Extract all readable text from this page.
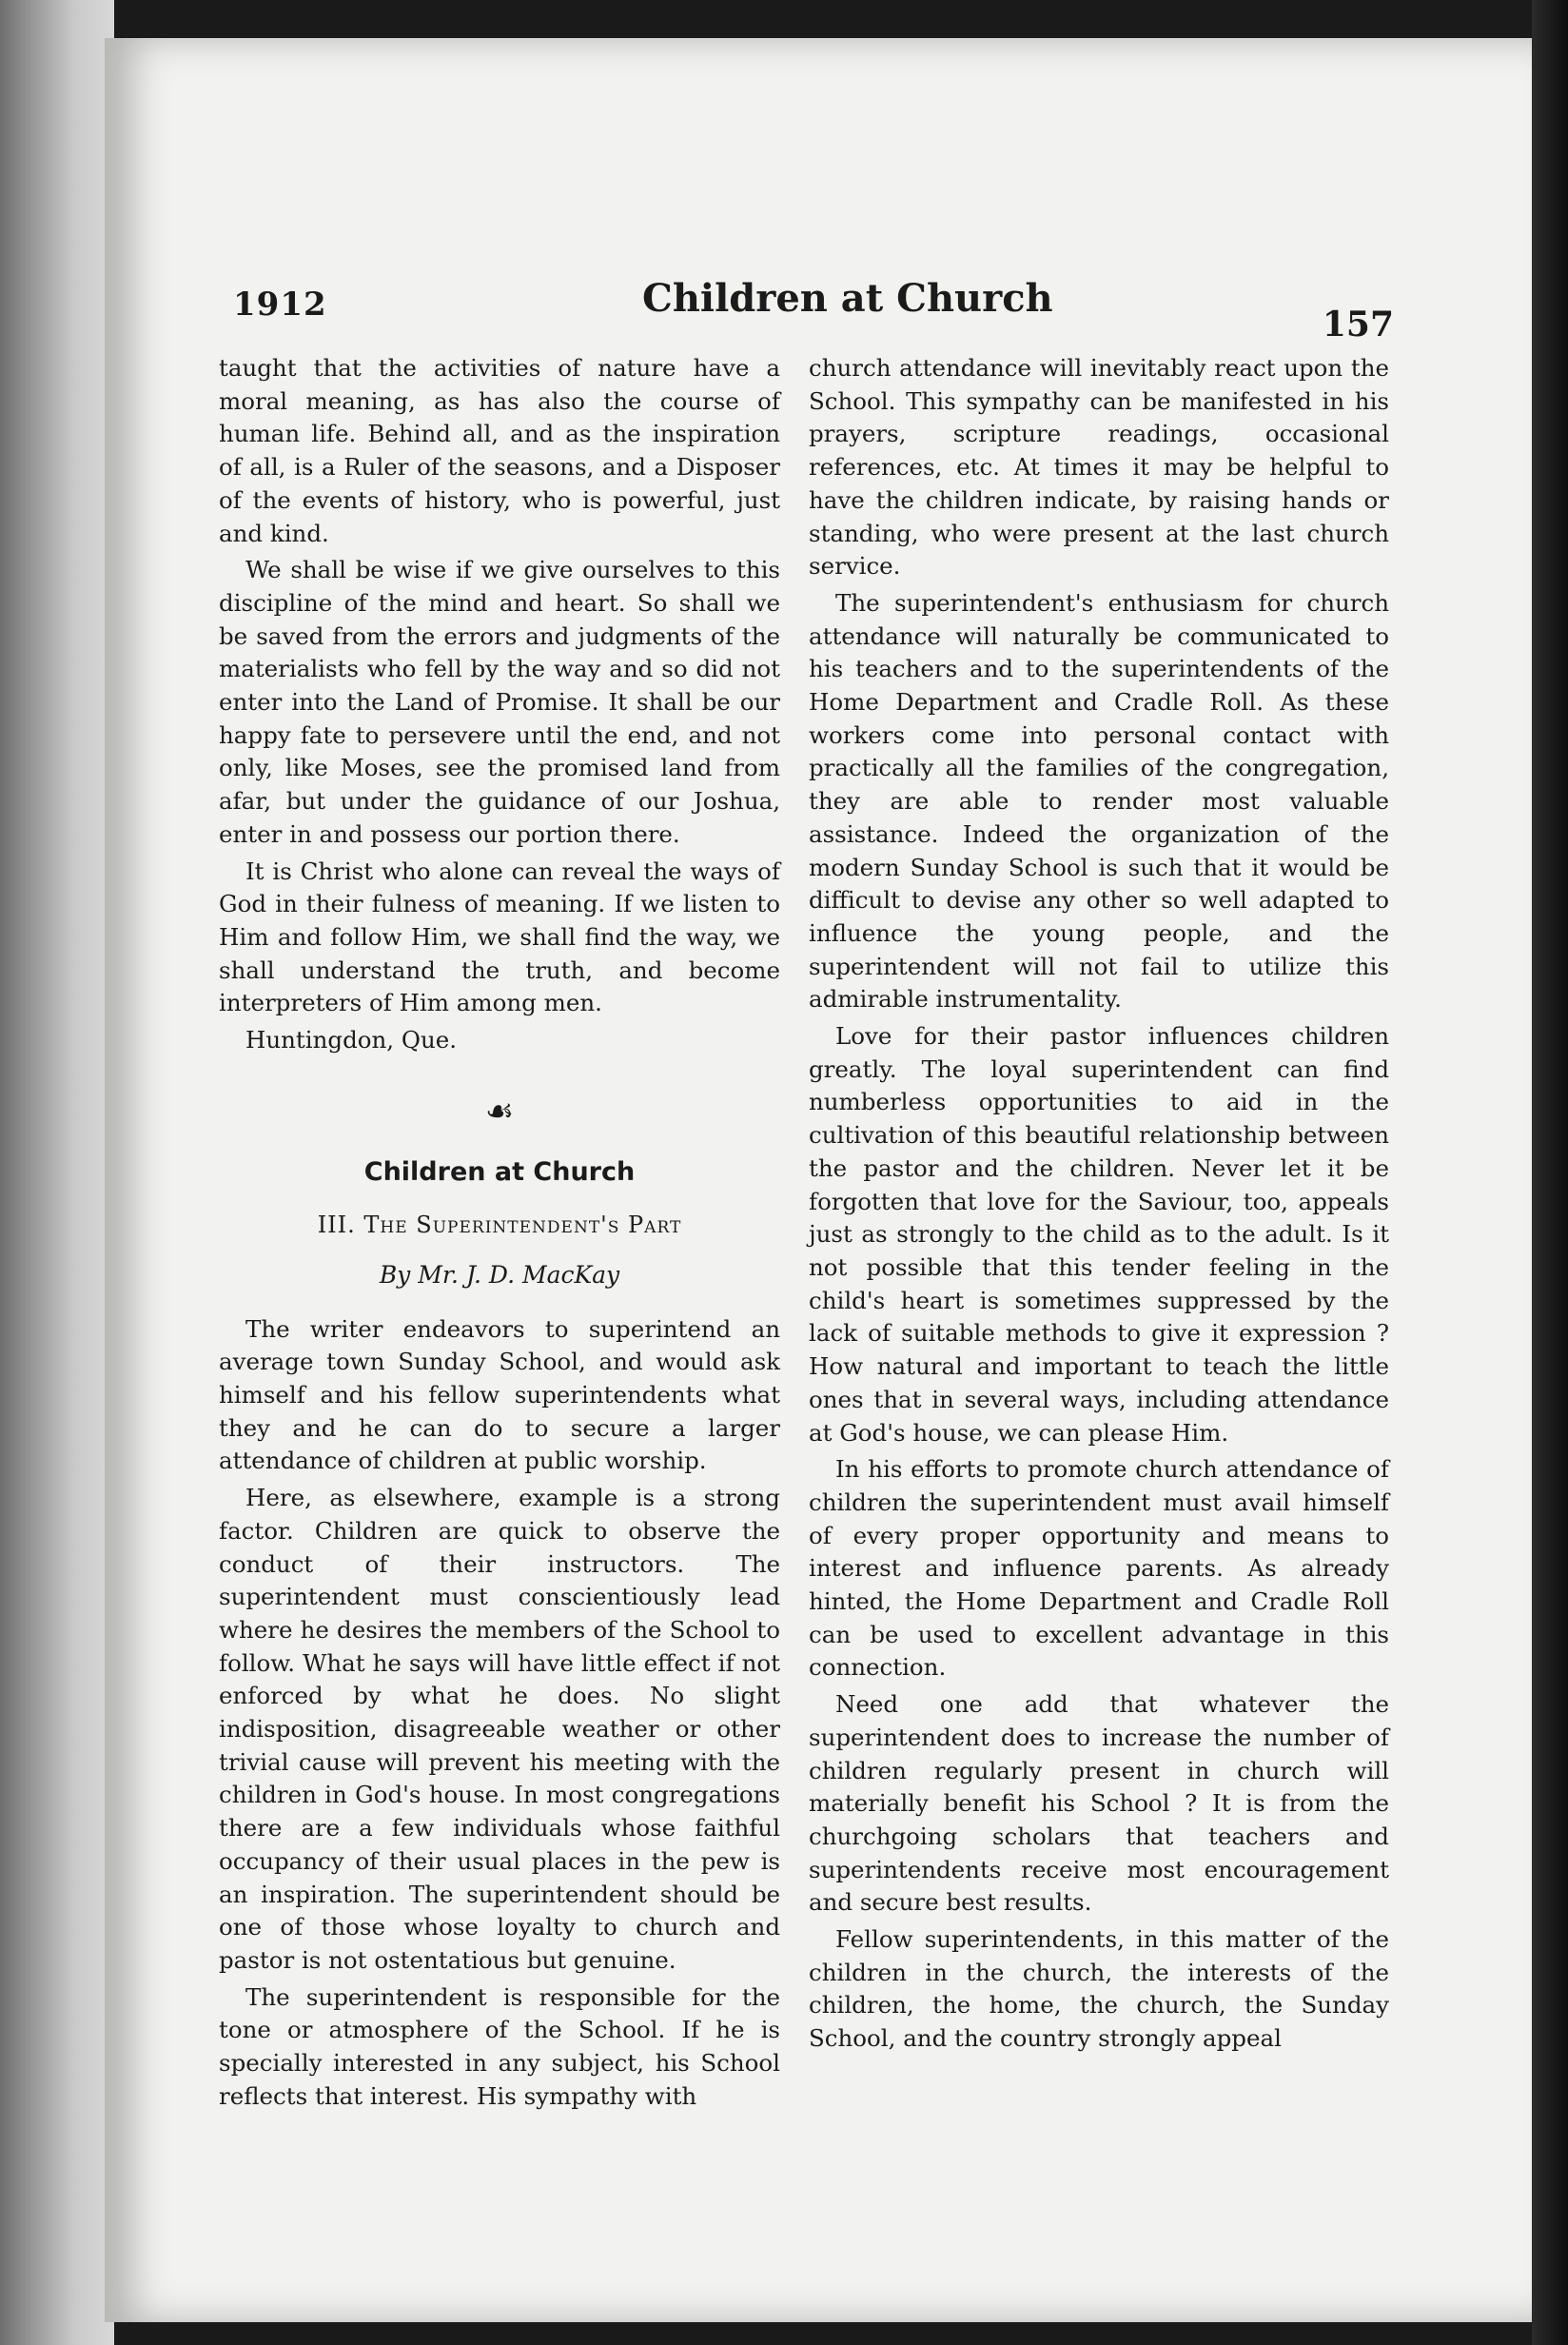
1912	Children at Church
157

taught that the activities of nature have a moral meaning, as has also the course of human life. Behind all, and as the inspiration of all, is a Ruler of the seasons, and a Disposer of the events of history, who is powerful, just and kind.

We shall be wise if we give ourselves to this discipline of the mind and heart. So shall we be saved from the errors and judgments of the materialists who fell by the way and so did not enter into the Land of Promise. It shall be our happy fate to persevere until the end, and not only, like Moses, see the promised land from afar, but under the guidance of our Joshua, enter in and possess our portion there.

It is Christ who alone can reveal the ways of God in their fulness of meaning. If we listen to Him and follow Him, we shall find the way, we shall understand the truth, and become interpreters of Him among men.

Huntingdon, Que.

☙
Children at Church
III. The Superintendent's Part
By Mr. J. D. MacKay

The writer endeavors to superintend an average town Sunday School, and would ask himself and his fellow superintendents what they and he can do to secure a larger attendance of children at public worship.

Here, as elsewhere, example is a strong factor. Children are quick to observe the conduct of their instructors. The superintendent must conscientiously lead where he desires the members of the School to follow. What he says will have little effect if not enforced by what he does. No slight indisposition, disagreeable weather or other trivial cause will prevent his meeting with the children in God's house. In most congregations there are a few individuals whose faithful occupancy of their usual places in the pew is an inspiration. The superintendent should be one of those whose loyalty to church and pastor is not ostentatious but genuine.

The superintendent is responsible for the tone or atmosphere of the School. If he is specially interested in any subject, his School reflects that interest. His sympathy with

church attendance will inevitably react upon the School. This sympathy can be manifested in his prayers, scripture readings, occasional references, etc. At times it may be helpful to have the children indicate, by raising hands or standing, who were present at the last church service.

The superintendent's enthusiasm for church attendance will naturally be communicated to his teachers and to the superintendents of the Home Department and Cradle Roll. As these workers come into personal contact with practically all the families of the congregation, they are able to render most valuable assistance. Indeed the organization of the modern Sunday School is such that it would be difficult to devise any other so well adapted to influence the young people, and the superintendent will not fail to utilize this admirable instrumentality.

Love for their pastor influences children greatly. The loyal superintendent can find numberless opportunities to aid in the cultivation of this beautiful relationship between the pastor and the children. Never let it be forgotten that love for the Saviour, too, appeals just as strongly to the child as to the adult. Is it not possible that this tender feeling in the child's heart is sometimes suppressed by the lack of suitable methods to give it expression ? How natural and important to teach the little ones that in several ways, including attendance at God's house, we can please Him.

In his efforts to promote church attendance of children the superintendent must avail himself of every proper opportunity and means to interest and influence parents. As already hinted, the Home Department and Cradle Roll can be used to excellent advantage in this connection.

Need one add that whatever the superintendent does to increase the number of children regularly present in church will materially benefit his School ? It is from the churchgoing scholars that teachers and superintendents receive most encouragement and secure best results.

Fellow superintendents, in this matter of the children in the church, the interests of the children, the home, the church, the Sunday School, and the country strongly appeal
